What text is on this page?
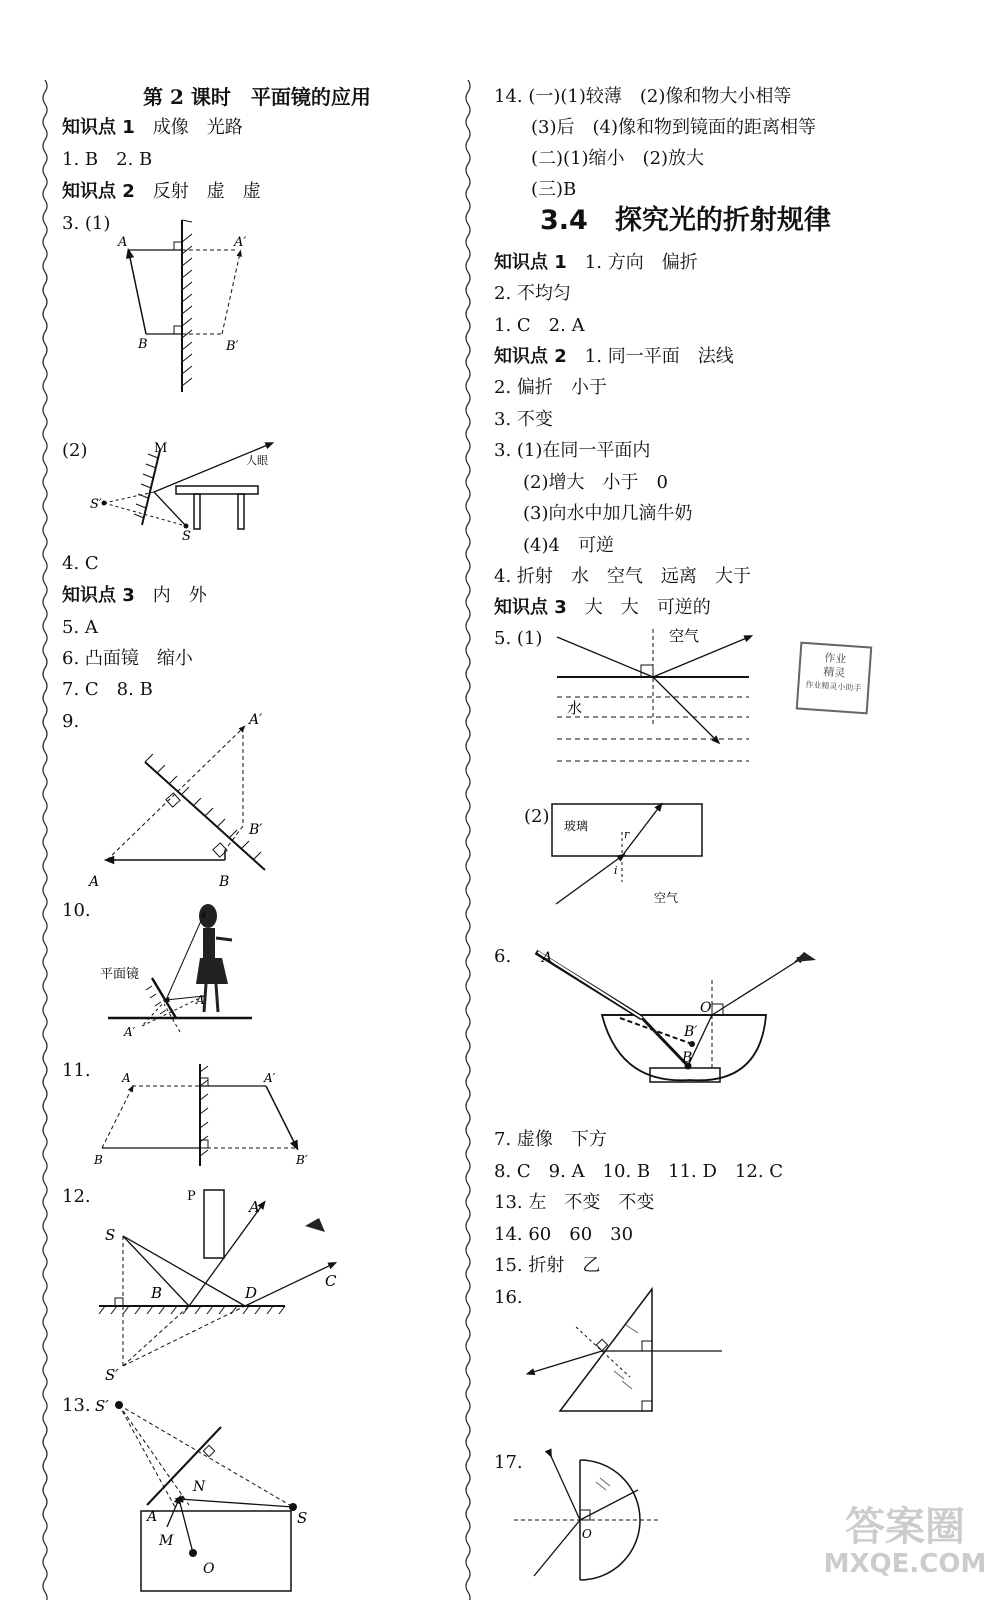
第 2 课时　平面镜的应用
知识点 1　 成像　光路
1. B　2. B
知识点 2　 反射　虚　虚
3. (1)
(2)
4. C
知识点 3　 内　外
5. A
6. 凸面镜　缩小
7. C　8. B
9.
10.
11.
12.
13.
14. (一)(1)较薄　(2)像和物大小相等
(3)后　(4)像和物到镜面的距离相等
(二)(1)缩小　(2)放大
(三)B
3.4　探究光的折射规律
知识点 1　 1. 方向　偏折
2. 不均匀
1. C　2. A
知识点 2　 1. 同一平面　法线
2. 偏折　小于
3. 不变
3. (1)在同一平面内
(2)增大　小于　0
(3)向水中加几滴牛奶
(4)4　可逆
4. 折射　水　空气　远离　大于
知识点 3　 大　大　可逆的
5. (1)
(2)
6.
7. 虚像　下方
8. C　9. A　10. B　11. D　12. C
13. 左　不变　不变
14. 60　60　30
15. 折射　乙
16.
17.
A	A′
B	B′
M
S′
S
人眼
A′
B′
A	B
平面镜
A
A′
A	A′
B	B′
P
S
S′
A
B	D
C
S′
S
A
N
M
O
空气
水
玻璃
r
i
空气
A
O
B′
B
O
作业
精灵
作业精灵小助手
答案圈
MXQE.COM
